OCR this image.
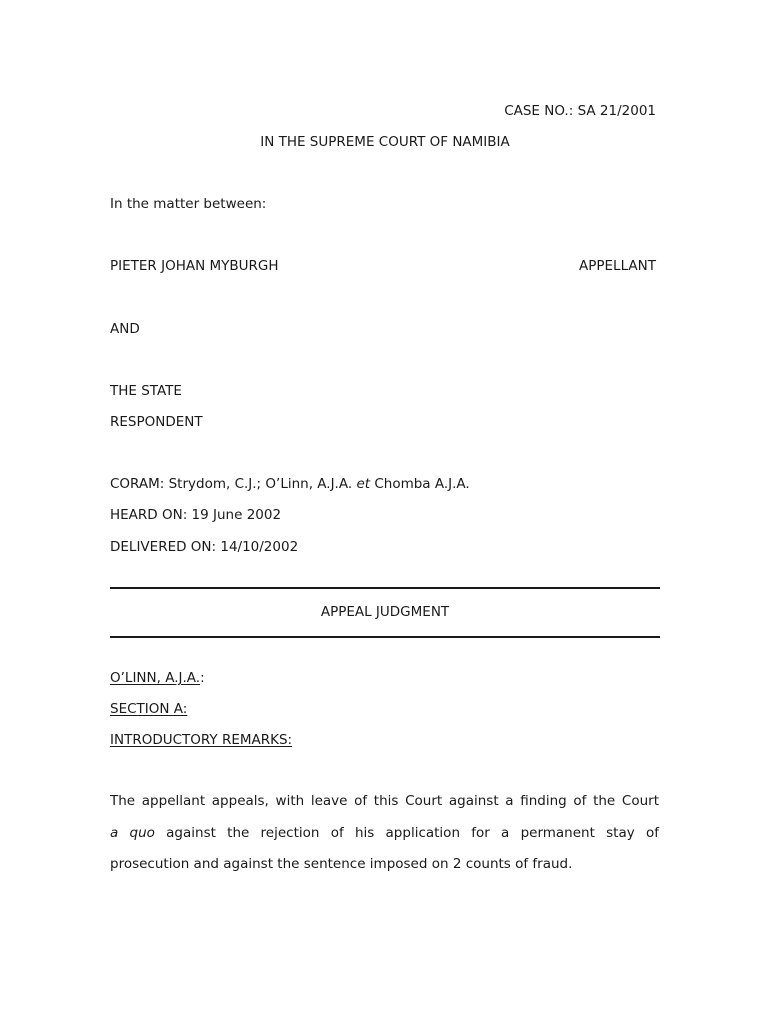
CASE NO.: SA 21/2001
IN THE SUPREME COURT OF NAMIBIA
In the matter between:
PIETER JOHAN MYBURGH	APPELLANT
AND
THE STATE
RESPONDENT
CORAM: Strydom, C.J.; O’Linn, A.J.A. et Chomba A.J.A.
HEARD ON: 19 June 2002
DELIVERED ON: 14/10/2002
APPEAL JUDGMENT
O’LINN, A.J.A.:
SECTION A:
INTRODUCTORY REMARKS:
The appellant appeals, with leave of this Court against a finding of the Court
a quo against the rejection of his application for a permanent stay of
prosecution and against the sentence imposed on 2 counts of fraud.
